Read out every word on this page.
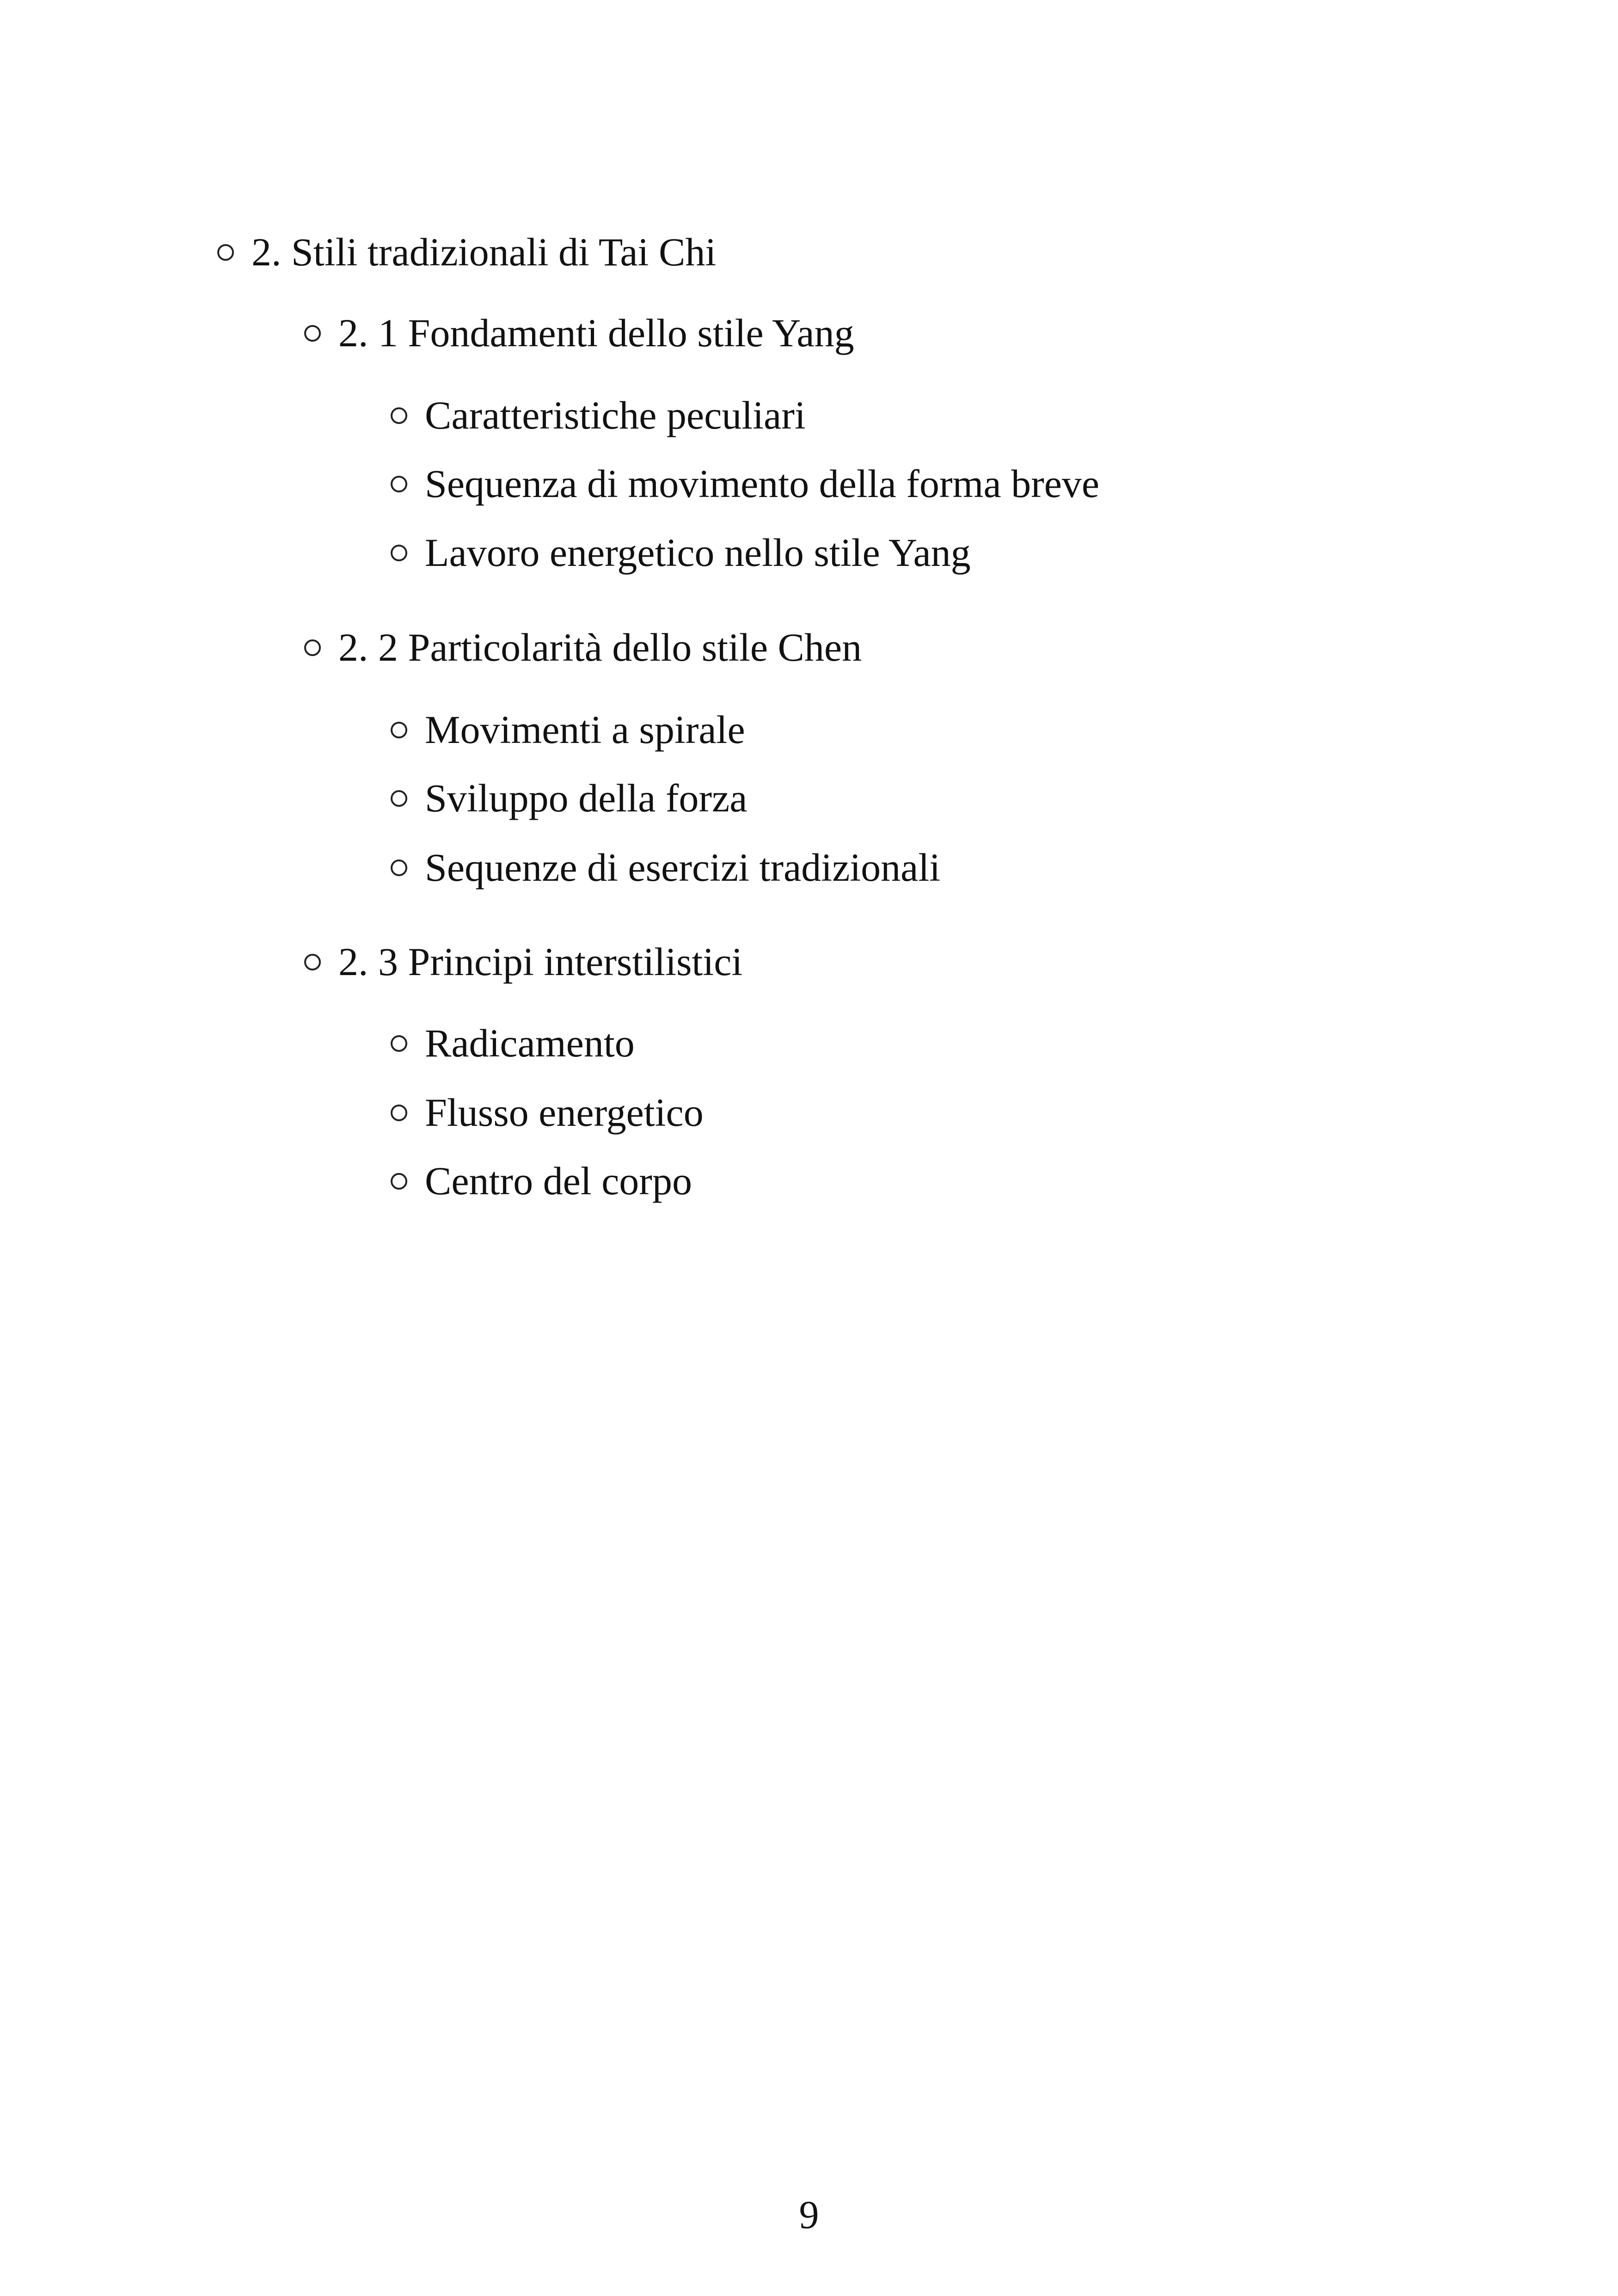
2. Stili tradizionali di Tai Chi
2. 1 Fondamenti dello stile Yang
Caratteristiche peculiari
Sequenza di movimento della forma breve
Lavoro energetico nello stile Yang
2. 2 Particolarità dello stile Chen
Movimenti a spirale
Sviluppo della forza
Sequenze di esercizi tradizionali
2. 3 Principi interstilistici
Radicamento
Flusso energetico
Centro del corpo
9
